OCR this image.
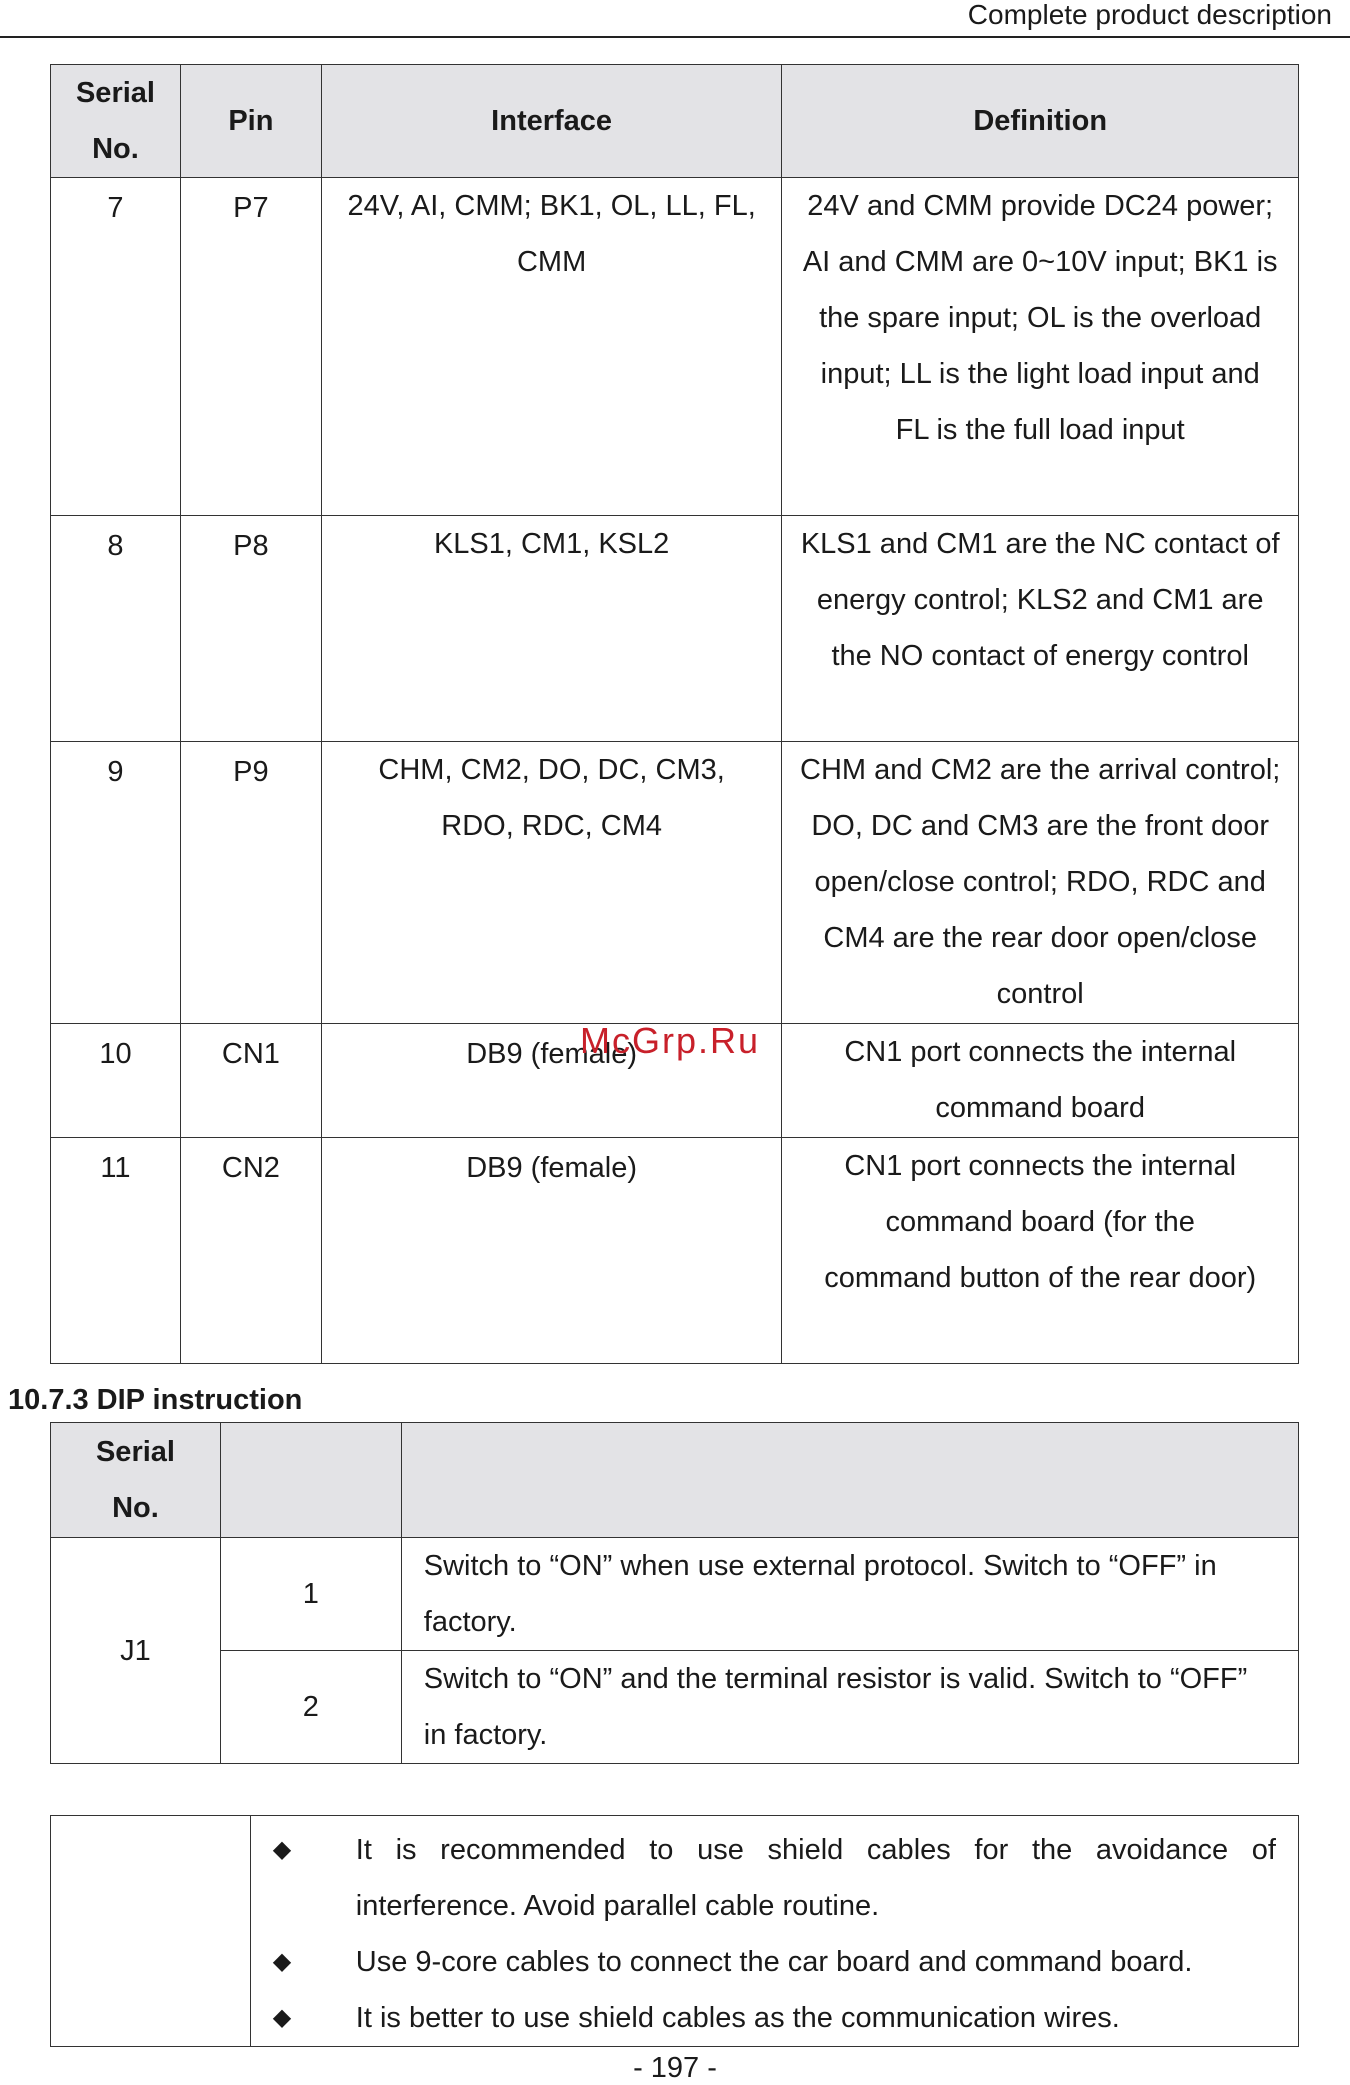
Complete product description
Serial No.	Pin	Interface	Definition
7	P7	24V, AI, CMM; BK1, OL, LL, FL, CMM	24V and CMM provide DC24 power; AI and CMM are 0~10V input; BK1 is the spare input; OL is the overload input; LL is the light load input and FL is the full load input
8	P8	KLS1, CM1, KSL2	KLS1 and CM1 are the NC contact of energy control; KLS2 and CM1 are the NO contact of energy control
9	P9	CHM, CM2, DO, DC, CM3, RDO, RDC, CM4	CHM and CM2 are the arrival control; DO, DC and CM3 are the front door open/close control; RDO, RDC and CM4 are the rear door open/close control
10	CN1	DB9 (female)	CN1 port connects the internal command board
11	CN2	DB9 (female)	CN1 port connects the internal command board (for the command button of the rear door)
McGrp.Ru
10.7.3 DIP instruction
Serial No.		
J1	1	Switch to “ON” when use external protocol. Switch to “OFF” in factory.
	2	Switch to “ON” and the terminal resistor is valid. Switch to “OFF” in factory.

◆ It is recommended to use shield cables for the avoidance of interference. Avoid parallel cable routine.
◆ Use 9-core cables to connect the car board and command board.
◆ It is better to use shield cables as the communication wires.
- 197 -
